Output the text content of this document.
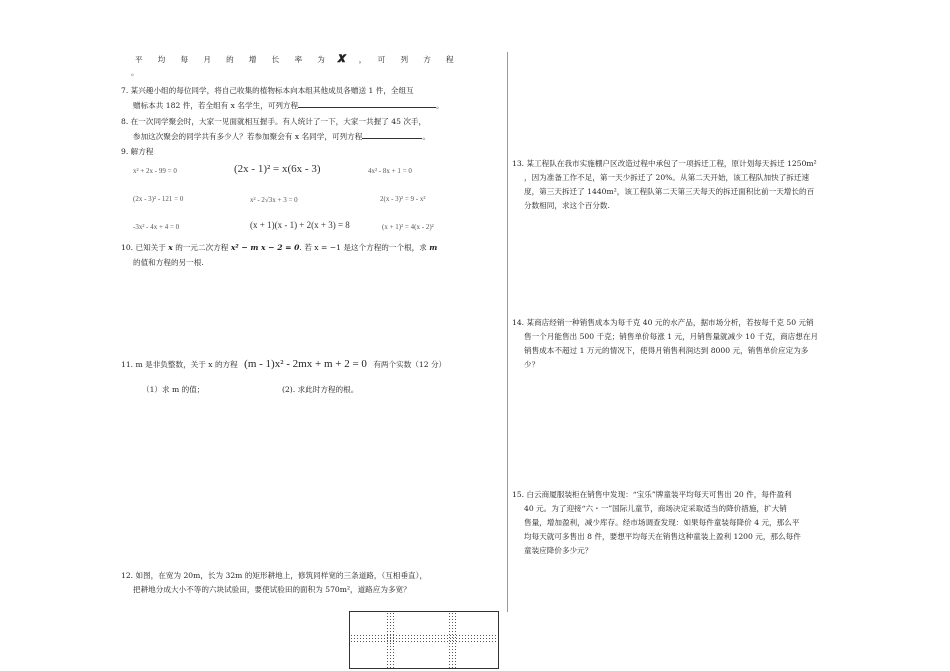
平　　均　　每　　月　　的　　增　　长　　率　　为 𝒙 ，　　可　　列　　方　　程
。
7. 某兴趣小组的每位同学，将自己收集的植物标本向本组其他成员各赠送 1 件，全组互
赠标本共 182 件，若全组有 x 名学生，可列方程	。
8. 在一次同学聚会时，大家一见面就相互握手。有人统计了一下，大家一共握了 45 次手，
参加这次聚会的同学共有多少人？若参加聚会有 x 名同学，可列方程	。
9. 解方程
x² + 2x - 99 = 0	(2x - 1)² = x(6x - 3)	4x² - 8x + 1 = 0
(2x - 3)² - 121 = 0	x² - 2√3x + 3 = 0	2(x - 3)² = 9 - x²
-3x² - 4x + 4 = 0	(x + 1)(x - 1) + 2(x + 3) = 8	(x + 1)² = 4(x - 2)²
10. 已知关于 x 的一元二次方程 x² − m x − 2 = 0. 若 x = −1 是这个方程的一个根，求 m
的值和方程的另一根.
11. m 是非负整数，关于 x 的方程 (m - 1)x² - 2mx + m + 2 = 0 有两个实数（12 分）
（1）求 m 的值；	(2). 求此时方程的根。
12. 如图，在宽为 20m，长为 32m 的矩形耕地上，修筑同样宽的三条道路，（互相垂直），
把耕地分成大小不等的六块试验田，要使试验田的面积为 570m²，道路应为多宽？
13. 某工程队在我市实施棚户区改造过程中承包了一项拆迁工程，原计划每天拆迁 1250m²
，因为准备工作不足，第一天少拆迁了 20%。从第二天开始，该工程队加快了拆迁速
度，第三天拆迁了 1440m²，该工程队第二天第三天每天的拆迁面积比前一天增长的百
分数相同，求这个百分数.
14. 某商店经销一种销售成本为每千克 40 元的水产品，据市场分析，若按每千克 50 元销
售一个月能售出 500 千克；销售单价每涨 1 元，月销售量就减少 10 千克，商店想在月
销售成本不超过 1 万元的情况下，使得月销售利润达到 8000 元，销售单价应定为多
少？
15. 白云商厦服装柜在销售中发现：“宝乐”牌童装平均每天可售出 20 件，每件盈利
40 元。为了迎接“六・一”国际儿童节，商场决定采取适当的降价措施，扩大销
售量，增加盈利，减少库存。经市场调查发现：如果每件童装每降价 4 元，那么平
均每天就可多售出 8 件，要想平均每天在销售这种童装上盈利 1200 元，那么每件
童装应降价多少元？
